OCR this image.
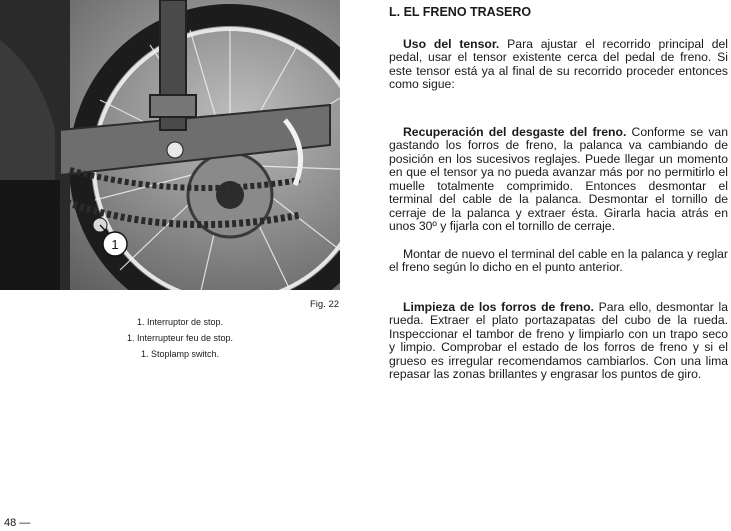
1
Fig. 22
1. Interruptor de stop.
1. Interrupteur feu de stop.
1. Stoplamp switch.
48 —
L. EL FRENO TRASERO

Uso del tensor. Para ajustar el recorrido principal del pedal, usar el tensor existente cerca del pedal de freno. Si este tensor está ya al final de su recorrido proceder entonces como sigue:

Recuperación del desgaste del freno. Conforme se van gastando los forros de freno, la palanca va cambiando de posición en los sucesivos reglajes. Puede llegar un momento en que el tensor ya no pueda avanzar más por no permitirlo el muelle totalmente comprimido. Entonces desmontar el terminal del cable de la palanca. Desmontar el tornillo de cerraje de la palanca y extraer ésta. Girarla hacia atrás en unos 30º y fijarla con el tornillo de cerraje.

Montar de nuevo el terminal del cable en la palanca y reglar el freno según lo dicho en el punto anterior.

Limpieza de los forros de freno. Para ello, desmontar la rueda. Extraer el plato portazapatas del cubo de la rueda. Inspeccionar el tambor de freno y limpiarlo con un trapo seco y limpio. Comprobar el estado de los forros de freno y si el grueso es irregular recomendamos cambiarlos. Con una lima repasar las zonas brillantes y engrasar los puntos de giro.
